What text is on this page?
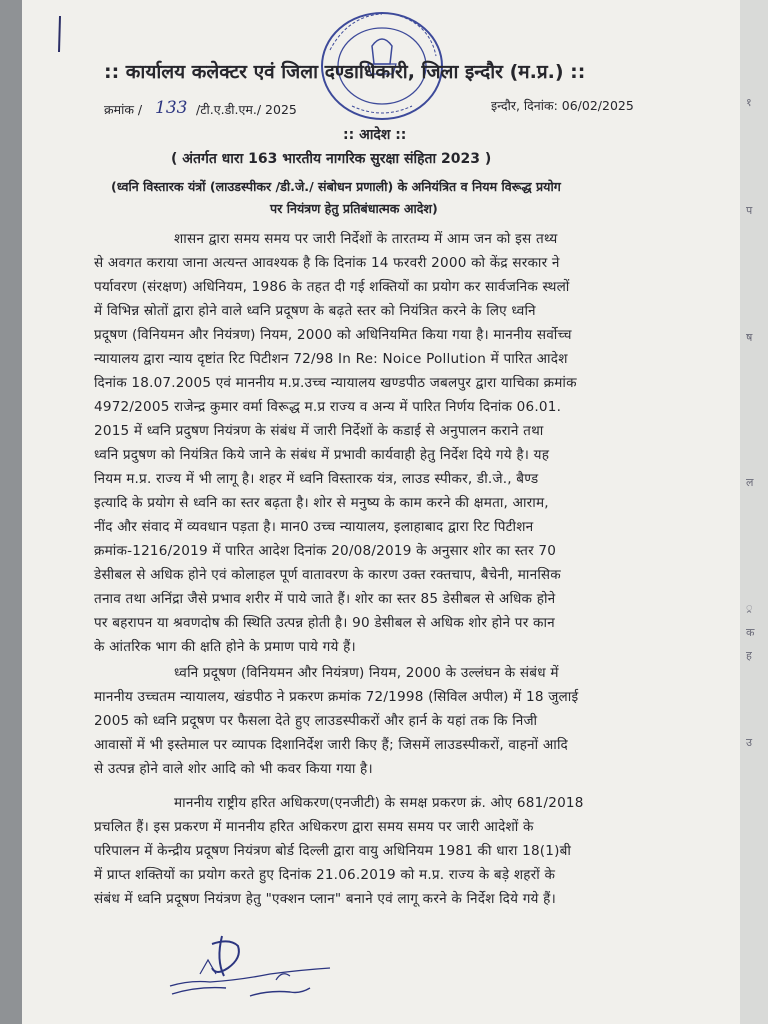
:: कार्यालय कलेक्टर एवं जिला दण्डाधिकारी, जिला इन्दौर (म.प्र.) ::
क्रमांक / 133 /टी.ए.डी.एम./ 2025	इन्दौर, दिनांक: 06/02/2025
:: आदेश ::
( अंतर्गत धारा 163 भारतीय नागरिक सुरक्षा संहिता 2023 )
(ध्वनि विस्तारक यंत्रों (लाउडस्पीकर /डी.जे./ संबोधन प्रणाली) के अनियंत्रित व नियम विरूद्ध प्रयोग
पर नियंत्रण हेतु प्रतिबंधात्मक आदेश)
शासन द्वारा समय समय पर जारी निर्देशों के तारतम्य में आम जन को इस तथ्य
से अवगत कराया जाना अत्यन्त आवश्यक है कि दिनांक 14 फरवरी 2000 को केंद्र सरकार ने
पर्यावरण (संरक्षण) अधिनियम, 1986 के तहत दी गई शक्तियों का प्रयोग कर सार्वजनिक स्थलों
में विभिन्न स्रोतों द्वारा होने वाले ध्वनि प्रदूषण के बढ़ते स्तर को नियंत्रित करने के लिए ध्वनि
प्रदूषण (विनियमन और नियंत्रण) नियम, 2000 को अधिनियमित किया गया है। माननीय सर्वोच्च
न्यायालय द्वारा न्याय दृष्टांत रिट पिटीशन 72/98 In Re: Noice Pollution में पारित आदेश
दिनांक 18.07.2005 एवं माननीय म.प्र.उच्च न्यायालय खण्डपीठ जबलपुर द्वारा याचिका क्रमांक
4972/2005 राजेन्द्र कुमार वर्मा विरूद्ध म.प्र राज्य व अन्य में पारित निर्णय दिनांक 06.01.
2015 में ध्वनि प्रदुषण नियंत्रण के संबंध में जारी निर्देशों के कडाई से अनुपालन कराने तथा
ध्वनि प्रदुषण को नियंत्रित किये जाने के संबंध में प्रभावी कार्यवाही हेतु निर्देश दिये गये है। यह
नियम म.प्र. राज्य में भी लागू है। शहर में ध्वनि विस्तारक यंत्र, लाउड स्पीकर, डी.जे., बैण्ड
इत्यादि के प्रयोग से ध्वनि का स्तर बढ़ता है। शोर से मनुष्य के काम करने की क्षमता, आराम,
नींद और संवाद में व्यवधान पड़ता है। मान0 उच्च न्यायालय, इलाहाबाद द्वारा रिट पिटीशन
क्रमांक-1216/2019 में पारित आदेश दिनांक 20/08/2019 के अनुसार शोर का स्तर 70
डेसीबल से अधिक होने एवं कोलाहल पूर्ण वातावरण के कारण उक्त रक्तचाप, बैचेनी, मानसिक
तनाव तथा अनिंद्रा जैसे प्रभाव शरीर में पाये जाते हैं। शोर का स्तर 85 डेसीबल से अधिक होने
पर बहरापन या श्रवणदोष की स्थिति उत्पन्न होती है। 90 डेसीबल से अधिक शोर होने पर कान
के आंतरिक भाग की क्षति होने के प्रमाण पाये गये हैं।
ध्वनि प्रदूषण (विनियमन और नियंत्रण) नियम, 2000 के उल्लंघन के संबंध में
माननीय उच्चतम न्यायालय, खंडपीठ ने प्रकरण क्रमांक 72/1998 (सिविल अपील) में 18 जुलाई
2005 को ध्वनि प्रदूषण पर फैसला देते हुए लाउडस्पीकरों और हार्न के यहां तक कि निजी
आवासों में भी इस्तेमाल पर व्यापक दिशानिर्देश जारी किए हैं; जिसमें लाउडस्पीकरों, वाहनों आदि
से उत्पन्न होने वाले शोर आदि को भी कवर किया गया है।
माननीय राष्ट्रीय हरित अधिकरण(एनजीटी) के समक्ष प्रकरण क्रं. ओए 681/2018
प्रचलित हैं। इस प्रकरण में माननीय हरित अधिकरण द्वारा समय समय पर जारी आदेशों के
परिपालन में केन्द्रीय प्रदूषण नियंत्रण बोर्ड दिल्ली द्वारा वायु अधिनियम 1981 की धारा 18(1)बी
में प्राप्त शक्तियों का प्रयोग करते हुए दिनांक 21.06.2019 को म.प्र. राज्य के बड़े शहरों के
संबंध में ध्वनि प्रदूषण नियंत्रण हेतु "एक्शन प्लान" बनाने एवं लागू करने के निर्देश दिये गये हैं।
१
प
ष
ल
्र
क
ह
उ
